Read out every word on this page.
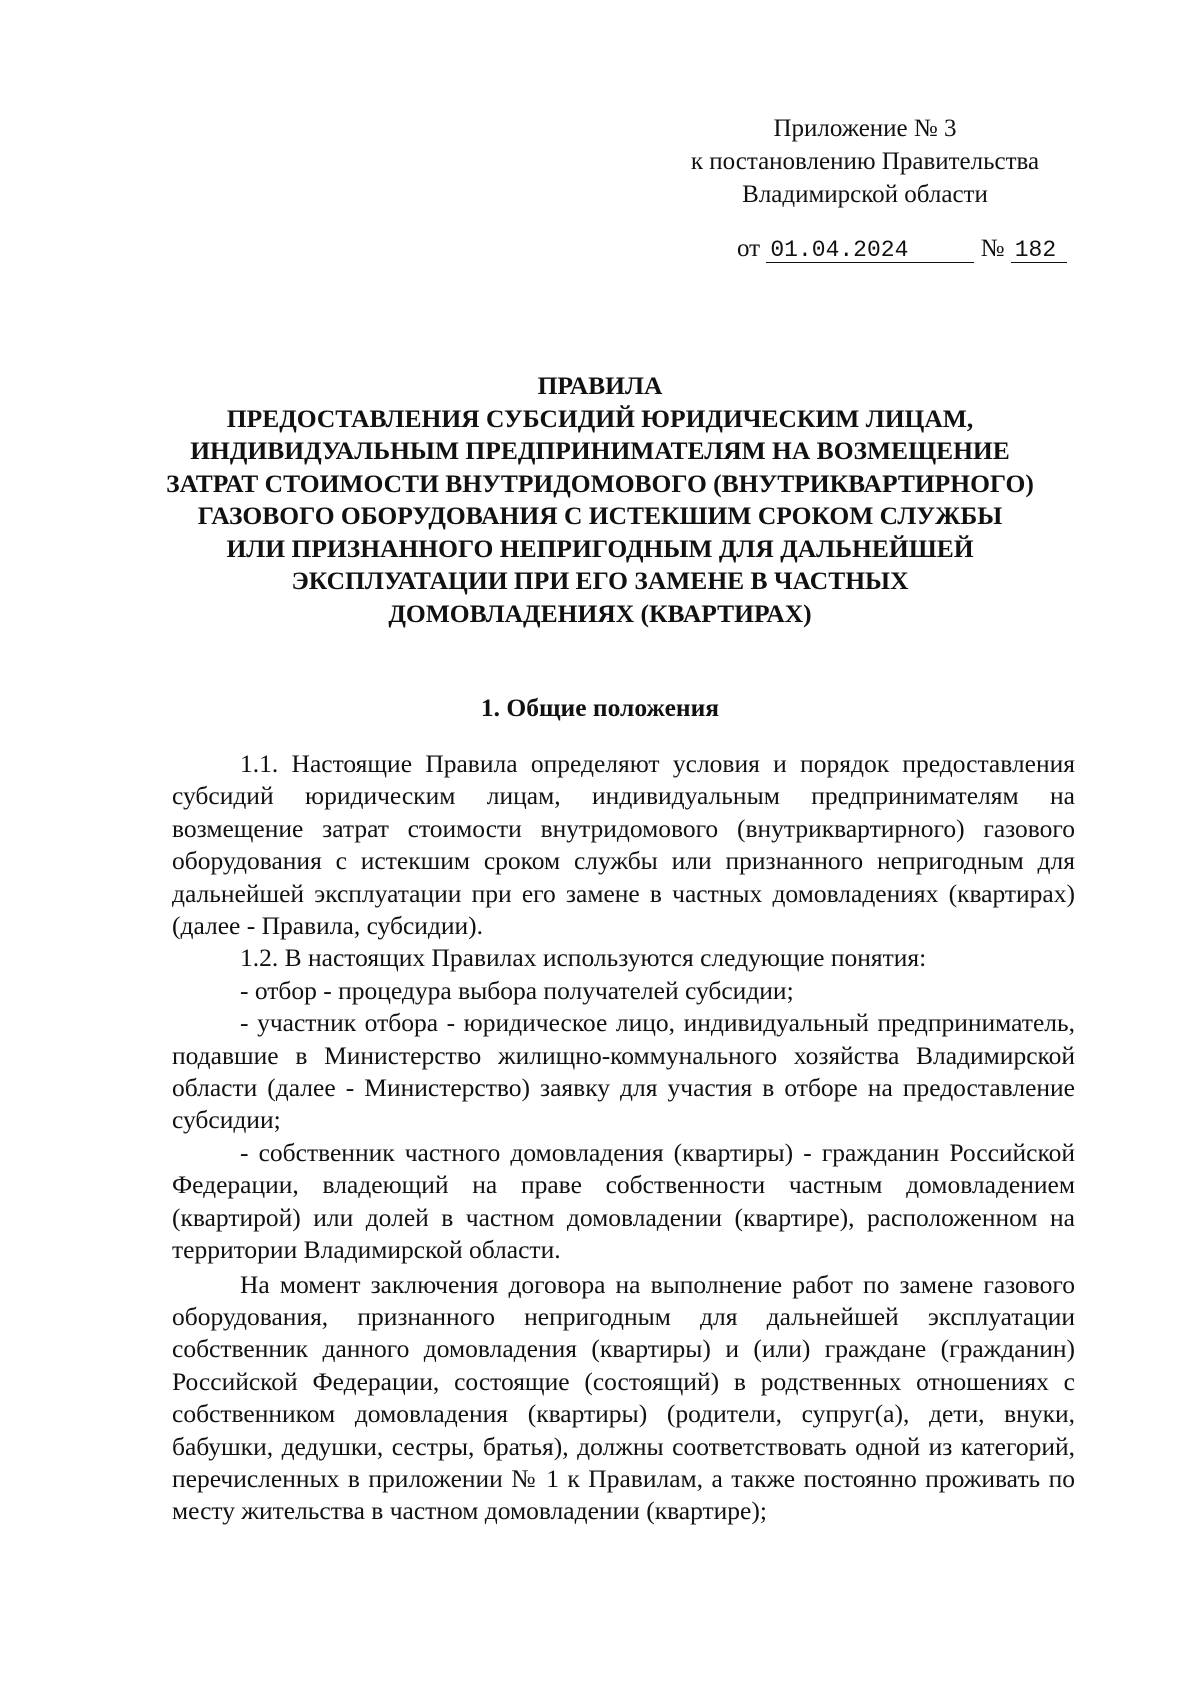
Приложение № 3
к постановлению Правительства
Владимирской области
от 01.04.2024	№ 182
ПРАВИЛА
ПРЕДОСТАВЛЕНИЯ СУБСИДИЙ ЮРИДИЧЕСКИМ ЛИЦАМ,
ИНДИВИДУАЛЬНЫМ ПРЕДПРИНИМАТЕЛЯМ НА ВОЗМЕЩЕНИЕ
ЗАТРАТ СТОИМОСТИ ВНУТРИДОМОВОГО (ВНУТРИКВАРТИРНОГО)
ГАЗОВОГО ОБОРУДОВАНИЯ С ИСТЕКШИМ СРОКОМ СЛУЖБЫ
ИЛИ ПРИЗНАННОГО НЕПРИГОДНЫМ ДЛЯ ДАЛЬНЕЙШЕЙ
ЭКСПЛУАТАЦИИ ПРИ ЕГО ЗАМЕНЕ В ЧАСТНЫХ
ДОМОВЛАДЕНИЯХ (КВАРТИРАХ)
1. Общие положения

1.1. Настоящие Правила определяют условия и порядок предоставления субсидий юридическим лицам, индивидуальным предпринимателям на возмещение затрат стоимости внутридомового (внутриквартирного) газового оборудования с истекшим сроком службы или признанного непригодным для дальнейшей эксплуатации при его замене в частных домовладениях (квартирах) (далее - Правила, субсидии).

1.2. В настоящих Правилах используются следующие понятия:

- отбор - процедура выбора получателей субсидии;

- участник отбора - юридическое лицо, индивидуальный предприниматель, подавшие в Министерство жилищно-коммунального хозяйства Владимирской области (далее - Министерство) заявку для участия в отборе на предоставление субсидии;

- собственник частного домовладения (квартиры) - гражданин Российской Федерации, владеющий на праве собственности частным домовладением (квартирой) или долей в частном домовладении (квартире), расположенном на территории Владимирской области.

На момент заключения договора на выполнение работ по замене газового оборудования, признанного непригодным для дальнейшей эксплуатации собственник данного домовладения (квартиры) и (или) граждане (гражданин) Российской Федерации, состоящие (состоящий) в родственных отношениях с собственником домовладения (квартиры) (родители, супруг(а), дети, внуки, бабушки, дедушки, сестры, братья), должны соответствовать одной из категорий, перечисленных в приложении № 1 к Правилам, а также постоянно проживать по месту жительства в частном домовладении (квартире);
